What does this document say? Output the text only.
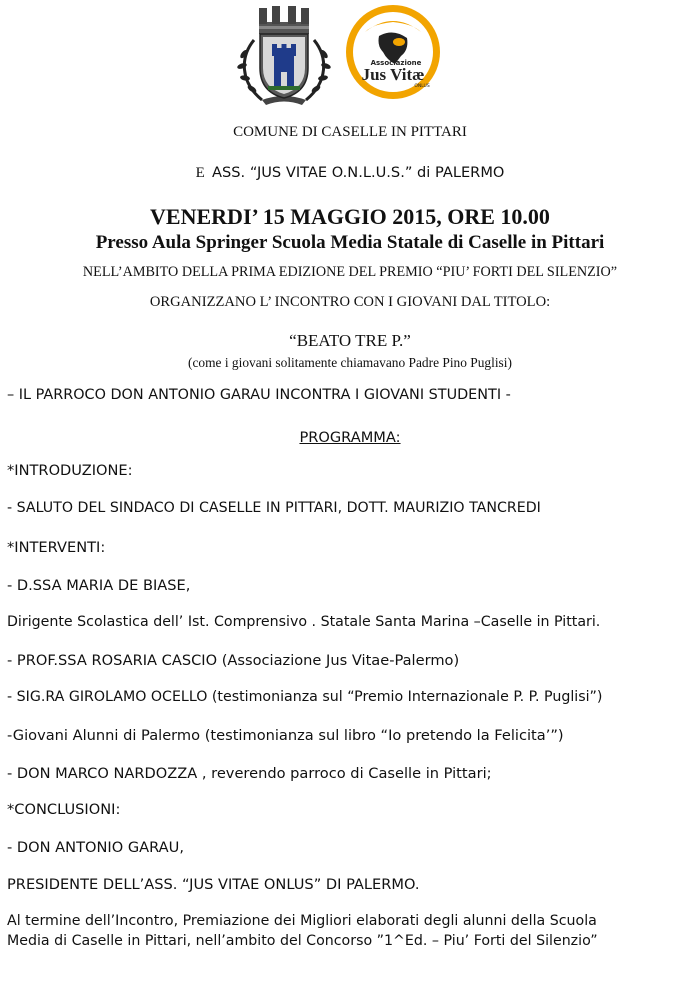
Associazione
Jus Vitæ
ONLUS
COMUNE DI CASELLE IN PITTARI
E ASS. “JUS VITAE O.N.L.U.S.” di PALERMO
VENERDI’ 15 MAGGIO 2015, ORE 10.00
Presso Aula Springer Scuola Media Statale di Caselle in Pittari
NELL’AMBITO DELLA PRIMA EDIZIONE DEL PREMIO “PIU’ FORTI DEL SILENZIO”
ORGANIZZANO L’ INCONTRO CON I GIOVANI DAL TITOLO:
“BEATO TRE P.”
(come i giovani solitamente chiamavano Padre Pino Puglisi)
– IL PARROCO DON ANTONIO GARAU INCONTRA I GIOVANI STUDENTI -
PROGRAMMA:
*INTRODUZIONE:
- SALUTO DEL SINDACO DI CASELLE IN PITTARI, DOTT. MAURIZIO TANCREDI
*INTERVENTI:
- D.SSA MARIA DE BIASE,
Dirigente Scolastica dell’ Ist. Comprensivo . Statale Santa Marina –Caselle in Pittari.
- PROF.SSA ROSARIA CASCIO (Associazione Jus Vitae-Palermo)
- SIG.RA GIROLAMO OCELLO (testimonianza sul “Premio Internazionale P. P. Puglisi”)
-Giovani Alunni di Palermo (testimonianza sul libro “Io pretendo la Felicita’”)
- DON MARCO NARDOZZA , reverendo parroco di Caselle in Pittari;
*CONCLUSIONI:
- DON ANTONIO GARAU,
PRESIDENTE DELL’ASS. “JUS VITAE ONLUS” DI PALERMO.
Al termine dell’Incontro, Premiazione dei Migliori elaborati degli alunni della Scuola
Media di Caselle in Pittari, nell’ambito del Concorso ”1^Ed. – Piu’ Forti del Silenzio”
